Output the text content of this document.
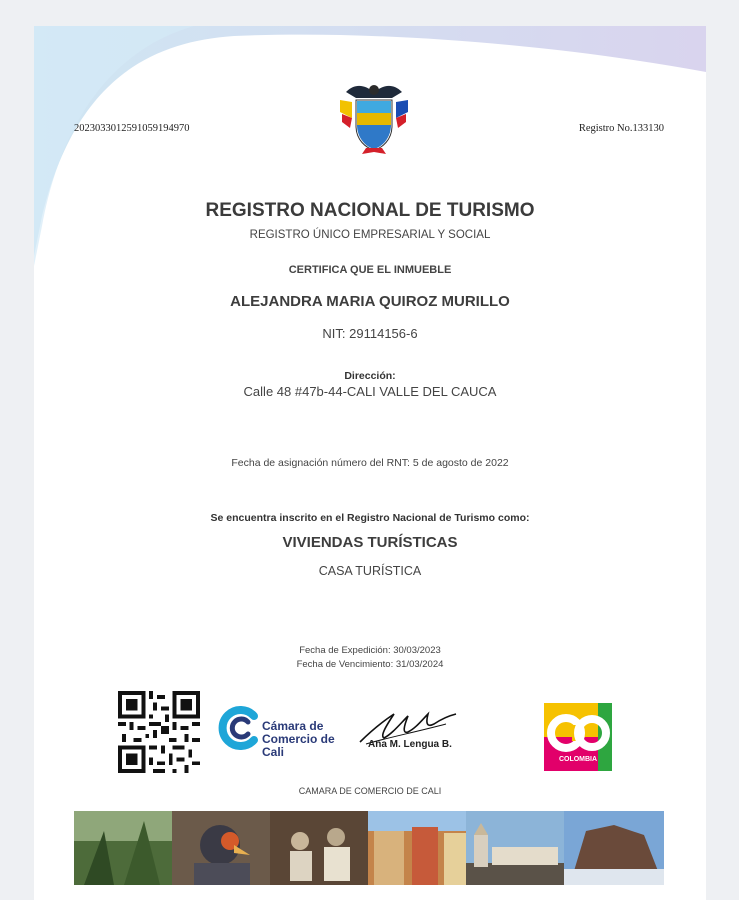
20230330125910591949​70	Registro No.133130
REGISTRO NACIONAL DE TURISMO
REGISTRO ÚNICO EMPRESARIAL Y SOCIAL
CERTIFICA QUE EL INMUEBLE
ALEJANDRA MARIA QUIROZ MURILLO
NIT: 29114156-6
Dirección:
Calle 48 #47b-44-CALI VALLE DEL CAUCA
Fecha de asignación número del RNT: 5 de agosto de 2022
Se encuentra inscrito en el Registro Nacional de Turismo como:
VIVIENDAS TURÍSTICAS
CASA TURÍSTICA
Fecha de Expedición: 30/03/2023
Fecha de Vencimiento: 31/03/2024
Cámara de
Comercio de
Cali
Ana M. Lengua B.
COLOMBIA
CAMARA DE COMERCIO DE CALI
